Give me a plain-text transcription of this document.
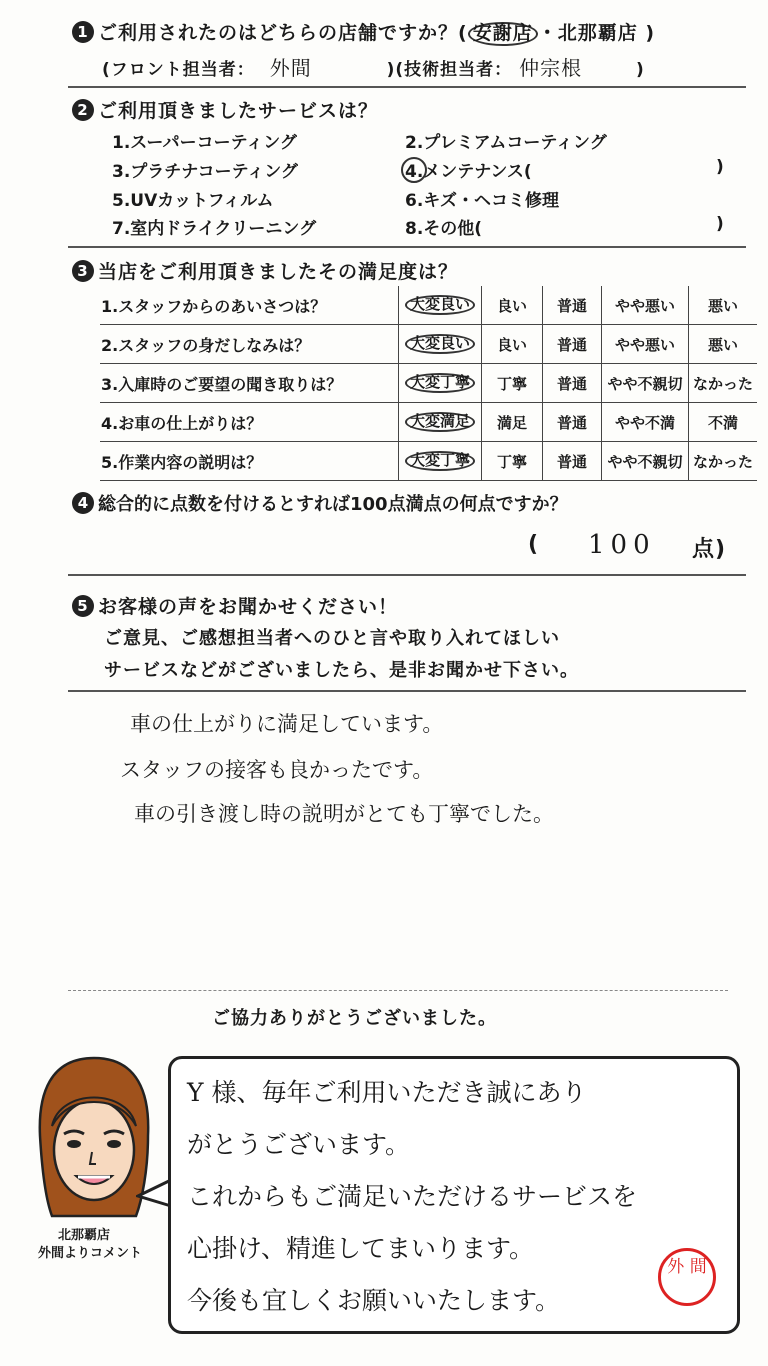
1 ご利用されたのはどちらの店舗ですか？( 安謝店 ・北那覇店 )
(フロント担当者： 外間	)(技術担当者： 仲宗根	)
2 ご利用頂きましたサービスは？
1.スーパーコーティング	2.プレミアムコーティング
3.プラチナコーティング	4.メンテナンス(	)
5.UVカットフィルム	6.キズ・ヘコミ修理
7.室内ドライクリーニング	8.その他(	)
3 当店をご利用頂きましたその満足度は？
1.スタッフからのあいさつは？	大変良い	良い	普通	やや悪い	悪い
2.スタッフの身だしなみは？	大変良い	良い	普通	やや悪い	悪い
3.入庫時のご要望の聞き取りは？	大変丁寧	丁寧	普通	やや不親切	なかった
4.お車の仕上がりは？	大変満足	満足	普通	やや不満	不満
5.作業内容の説明は？	大変丁寧	丁寧	普通	やや不親切	なかった
4 総合的に点数を付けるとすれば100点満点の何点ですか？
( 100 点)
5 お客様の声をお聞かせください！
ご意見、ご感想担当者へのひと言や取り入れてほしい
サービスなどがございましたら、是非お聞かせ下さい。
車の仕上がりに満足しています。
スタッフの接客も良かったです。
車の引き渡し時の説明がとても丁寧でした。
ご協力ありがとうございました。
北那覇店
外間よりコメント
Y 様、毎年ご利用いただき誠にあり
がとうございます。
これからもご満足いただけるサービスを
心掛け、精進してまいります。
今後も宜しくお願いいたします。
外 間
